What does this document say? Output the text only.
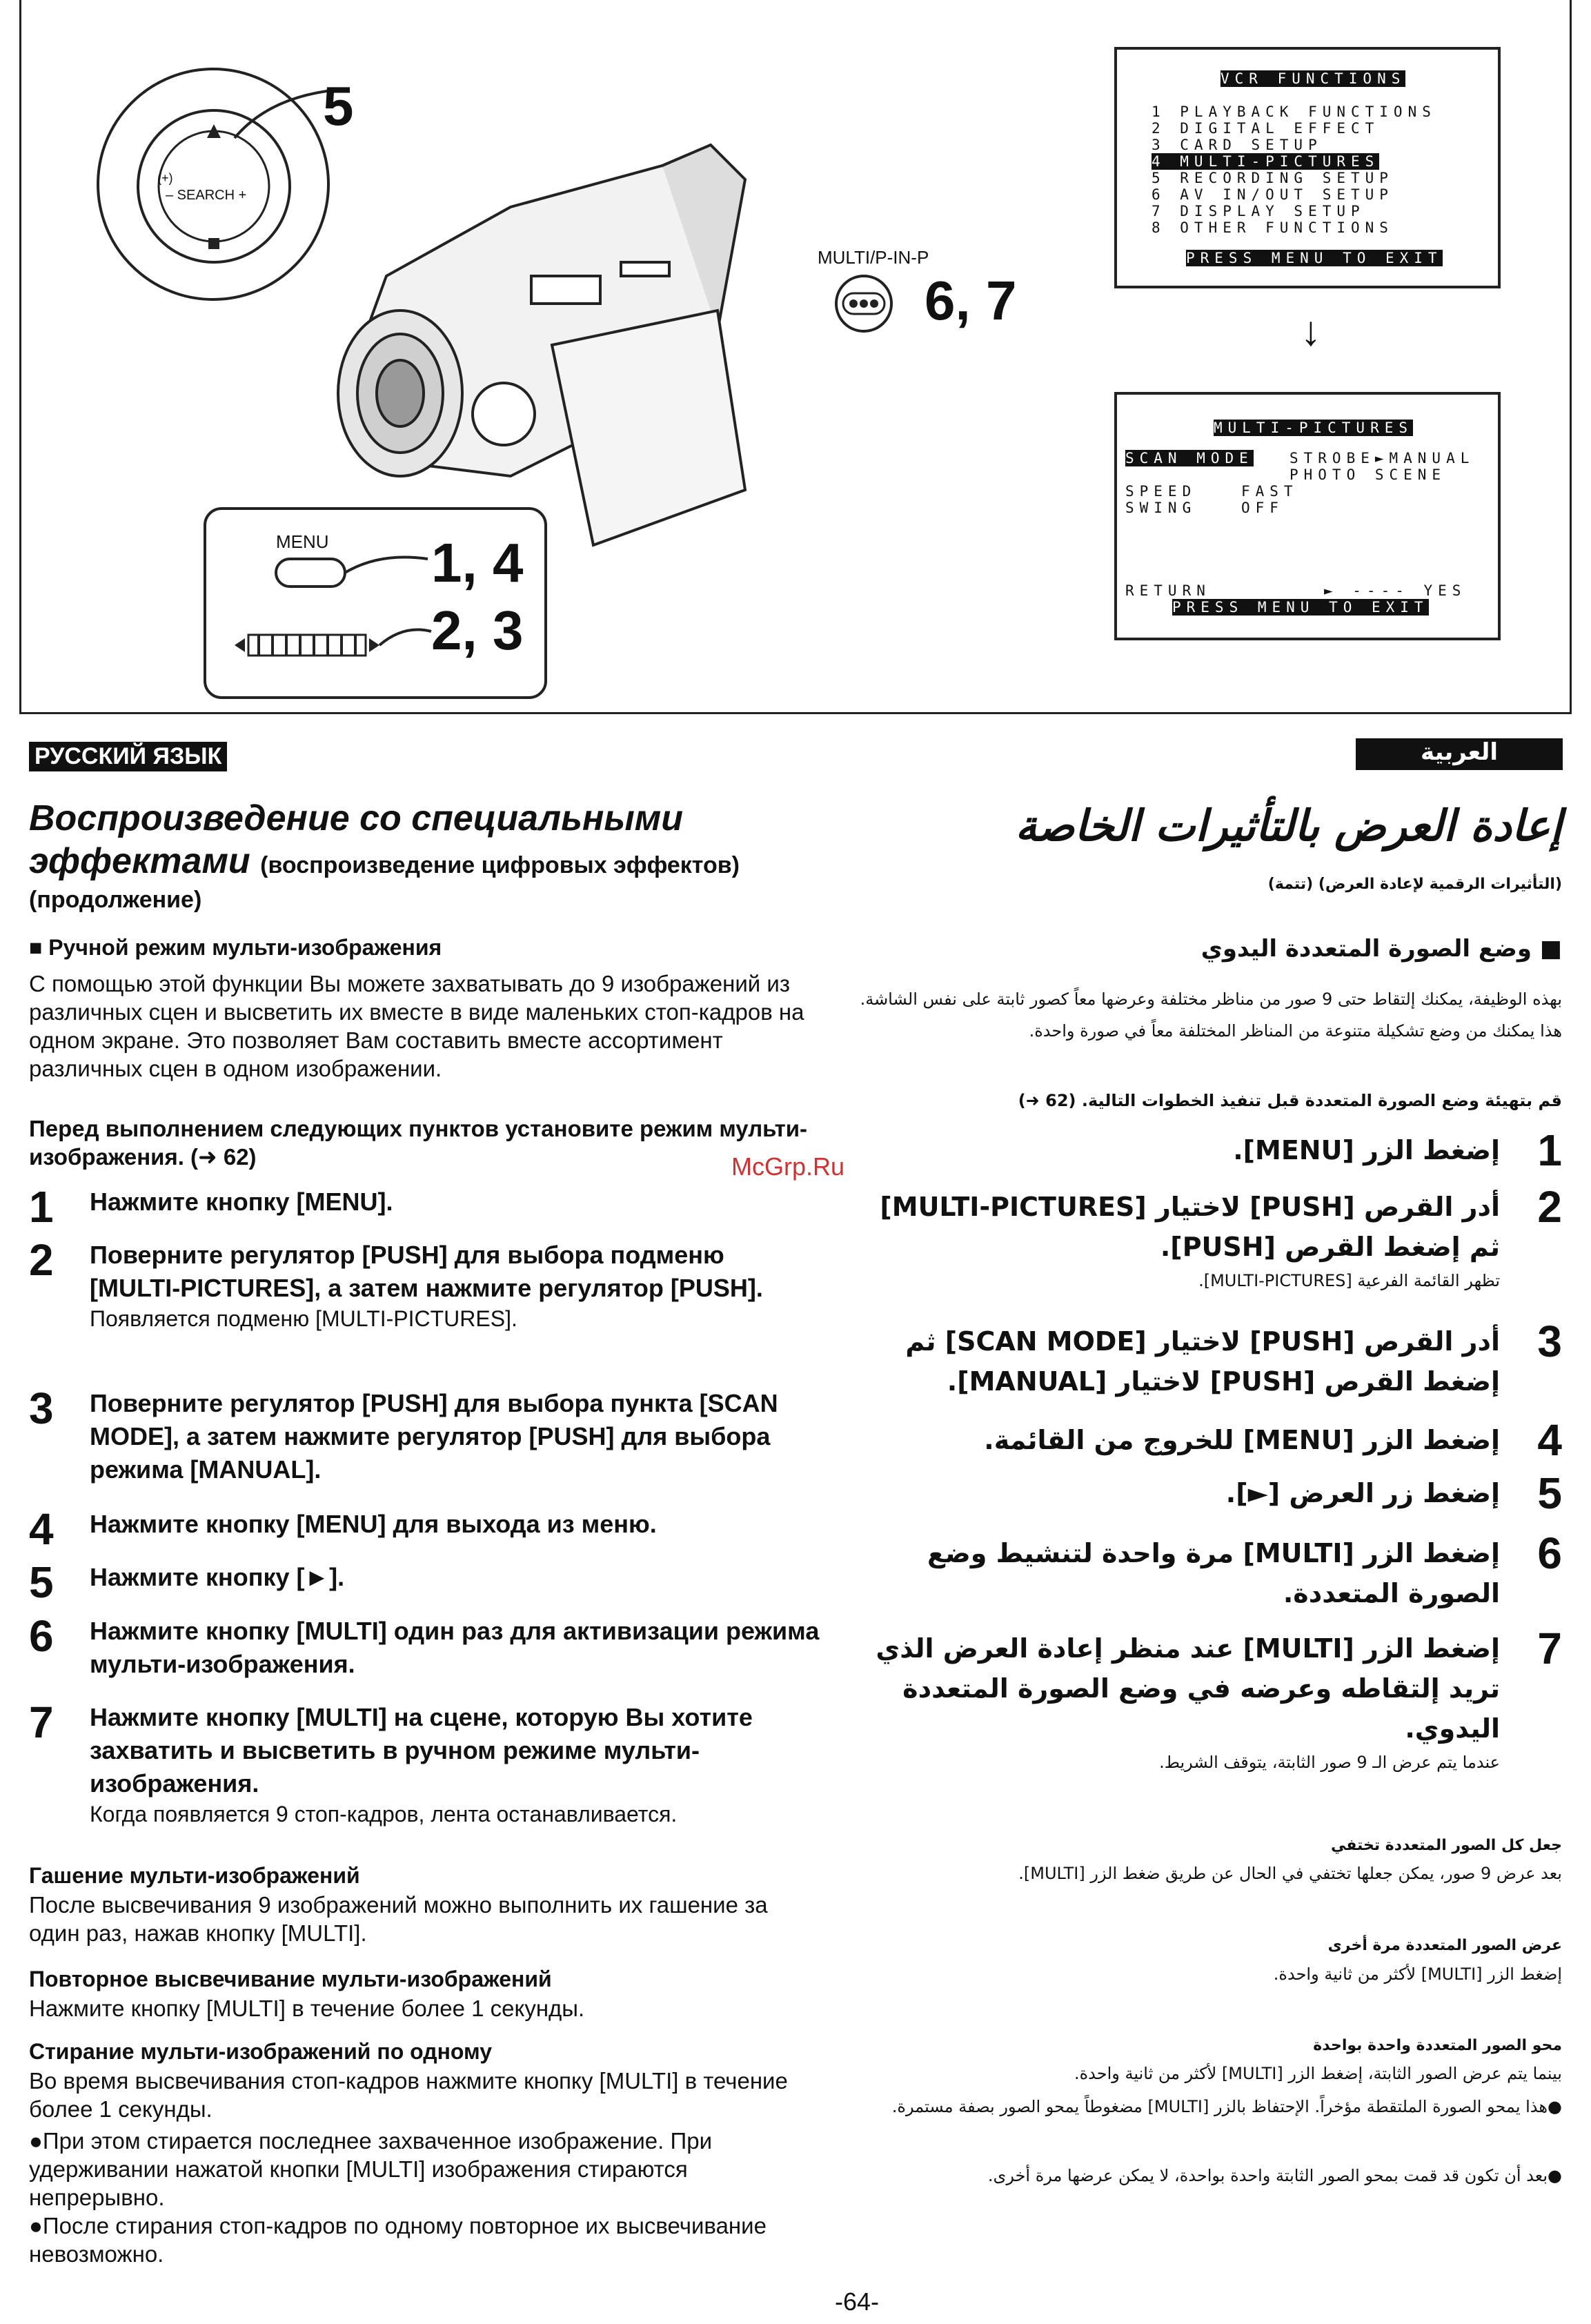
(+)
– SEARCH +
5
MULTI/P-IN-P
6, 7
MENU 1, 4
2, 3
VCR FUNCTIONS
1 PLAYBACK FUNCTIONS
2 DIGITAL EFFECT
3 CARD SETUP
4 MULTI-PICTURES
5 RECORDING SETUP
6 AV IN/OUT SETUP
7 DISPLAY SETUP
8 OTHER FUNCTIONS
PRESS MENU TO EXIT
↓
MULTI-PICTURES
SCAN MODE STROBE►MANUAL
PHOTO SCENE
SPEED	FAST
SWING	OFF
RETURN	► ---- YES
PRESS MENU TO EXIT
РУССКИЙ ЯЗЫК	العربية
Воспроизведение со специальными
эффектами (воспроизведение цифровых эффектов)
(продолжение)
■ Ручной режим мульти-изображения
С помощью этой функции Вы можете захватывать до 9 изображений из различных сцен и высветить их вместе в виде маленьких стоп-кадров на одном экране. Это позволяет Вам составить вместе ассортимент различных сцен в одном изображении.
Перед выполнением следующих пунктов установите режим мульти-изображения. (➜ 62)
1 Нажмите кнопку [MENU].
2 Поверните регулятор [PUSH] для выбора подменю [MULTI-PICTURES], а затем нажмите регулятор [PUSH].
Появляется подменю [MULTI-PICTURES].
3 Поверните регулятор [PUSH] для выбора пункта [SCAN MODE], а затем нажмите регулятор [PUSH] для выбора режима [MANUAL].
4 Нажмите кнопку [MENU] для выхода из меню.
5 Нажмите кнопку [►].
6 Нажмите кнопку [MULTI] один раз для активизации режима мульти-изображения.
7 Нажмите кнопку [MULTI] на сцене, которую Вы хотите захватить и высветить в ручном режиме мульти-изображения.
Когда появляется 9 стоп-кадров, лента останавливается.
Гашение мульти-изображений
После высвечивания 9 изображений можно выполнить их гашение за один раз, нажав кнопку [MULTI].
Повторное высвечивание мульти-изображений
Нажмите кнопку [MULTI] в течение более 1 секунды.
Стирание мульти-изображений по одному
Во время высвечивания стоп-кадров нажмите кнопку [MULTI] в течение более 1 секунды.
●При этом стирается последнее захваченное изображение. При удерживании нажатой кнопки [MULTI] изображения стираются непрерывно.
●После стирания стоп-кадров по одному повторное их высвечивание невозможно.
إعادة العرض بالتأثيرات الخاصة
(التأثيرات الرقمية لإعادة العرض) (تتمة)
■ وضع الصورة المتعددة اليدوي
بهذه الوظيفة، يمكنك إلتقاط حتى 9 صور من مناظر مختلفة وعرضها معاً كصور ثابتة على نفس الشاشة. هذا يمكنك من وضع تشكيلة متنوعة من المناظر المختلفة معاً في صورة واحدة.
قم بتهيئة وضع الصورة المتعددة قبل تنفيذ الخطوات التالية. (62 ➜)
1
إضغط الزر [MENU].
2
أدر القرص [PUSH] لاختيار [MULTI-PICTURES] ثم إضغط القرص [PUSH].
تظهر القائمة الفرعية [MULTI-PICTURES].
3
أدر القرص [PUSH] لاختيار [SCAN MODE] ثم إضغط القرص [PUSH] لاختيار [MANUAL].
4
إضغط الزر [MENU] للخروج من القائمة.
5
إضغط زر العرض [►].
6
إضغط الزر [MULTI] مرة واحدة لتنشيط وضع الصورة المتعددة.
7
إضغط الزر [MULTI] عند منظر إعادة العرض الذي تريد إلتقاطه وعرضه في وضع الصورة المتعددة اليدوي.
عندما يتم عرض الـ 9 صور الثابتة، يتوقف الشريط.
جعل كل الصور المتعددة تختفي
بعد عرض 9 صور، يمكن جعلها تختفي في الحال عن طريق ضغط الزر [MULTI].
عرض الصور المتعددة مرة أخرى
إضغط الزر [MULTI] لأكثر من ثانية واحدة.
محو الصور المتعددة واحدة بواحدة
بينما يتم عرض الصور الثابتة، إضغط الزر [MULTI] لأكثر من ثانية واحدة.
●هذا يمحو الصورة الملتقطة مؤخراً. الإحتفاظ بالزر [MULTI] مضغوطاً يمحو الصور بصفة مستمرة.
●بعد أن تكون قد قمت بمحو الصور الثابتة واحدة بواحدة، لا يمكن عرضها مرة أخرى.
McGrp.Ru
-64-
